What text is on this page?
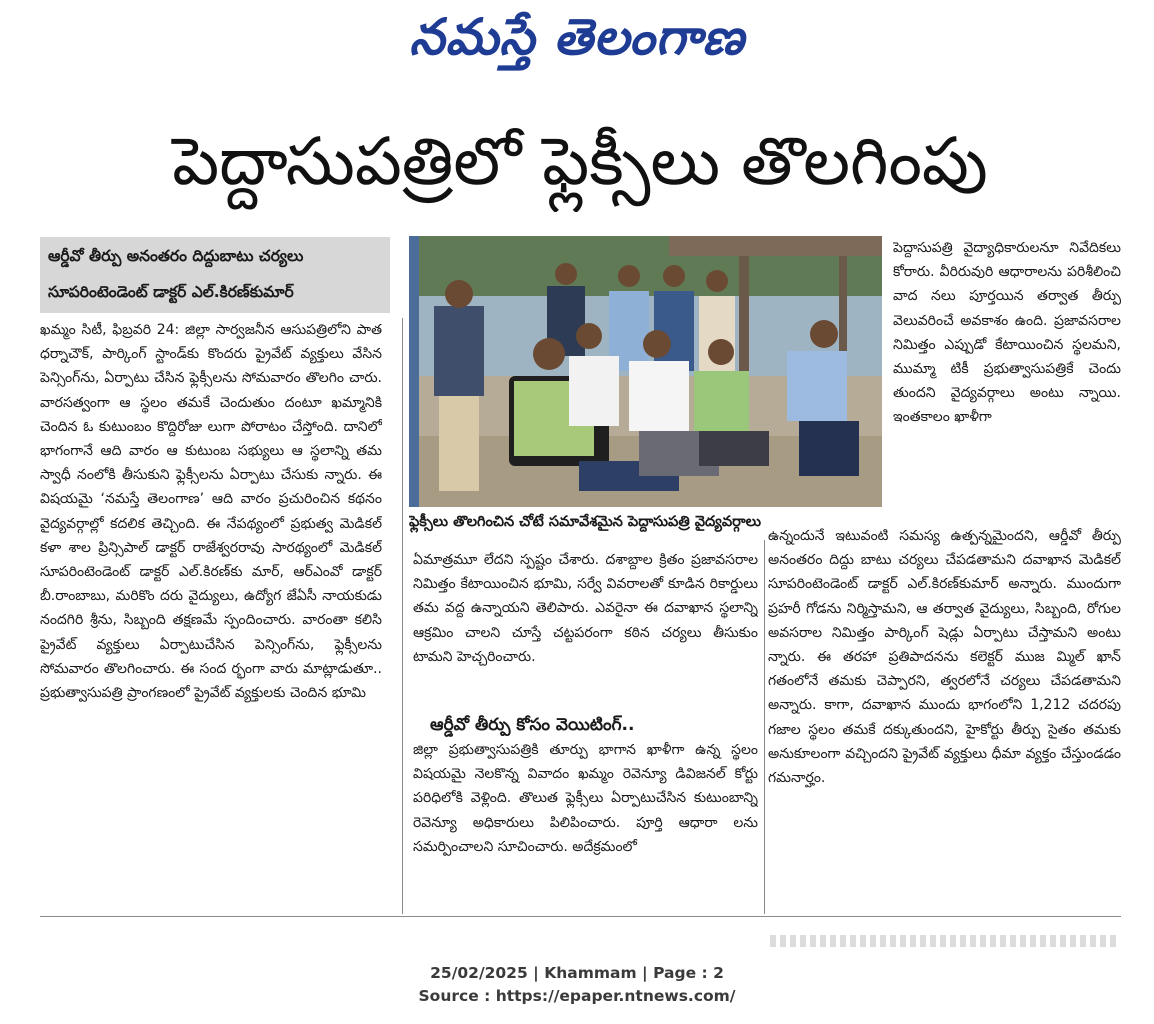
నమస్తే తెలంగాణ
పెద్దాసుపత్రిలో ఫ్లెక్సీలు తొలగింపు
ఆర్డీవో తీర్పు అనంతరం దిద్దుబాటు చర్యలు
సూపరింటెండెంట్ డాక్టర్ ఎల్.కిరణ్‌కుమార్
ఖమ్మం సిటీ, ఫిబ్రవరి 24: జిల్లా సార్వజనీన ఆసుపత్రిలోని పాత ధర్నాచౌక్, పార్కింగ్ స్టాండ్‌కు కొందరు ప్రైవేట్ వ్యక్తులు వేసిన పెన్సింగ్‌ను, ఏర్పాటు చేసిన ఫ్లెక్సీలను సోమవారం తొలగిం చారు. వారసత్వంగా ఆ స్థలం తమకే చెందుతుం దంటూ ఖమ్మానికి చెందిన ఓ కుటుంబం కొద్దిరోజు లుగా పోరాటం చేస్తోంది. దానిలో భాగంగానే ఆది వారం ఆ కుటుంబ సభ్యులు ఆ స్థలాన్ని తమ స్వాధీ నంలోకి తీసుకుని ఫ్లెక్సీలను ఏర్పాటు చేసుకు న్నారు. ఈ విషయమై ‘నమస్తే తెలంగాణ’ ఆది వారం ప్రచురించిన కథనం వైద్యవర్గాల్లో కదలిక తెచ్చింది. ఈ నేపథ్యంలో ప్రభుత్వ మెడికల్ కళా శాల ప్రిన్సిపాల్ డాక్టర్ రాజేశ్వరరావు సారథ్యంలో మెడికల్ సూపరింటెండెంట్ డాక్టర్ ఎల్.కిరణ్‌కు మార్, ఆర్‌ఎంవో డాక్టర్ బీ.రాంబాబు, మరికొం దరు వైద్యులు, ఉద్యోగ జేఏసీ నాయకుడు నందగిరి శ్రీను, సిబ్బంది తక్షణమే స్పందించారు. వారంతా కలిసి ప్రైవేట్ వ్యక్తులు ఏర్పాటుచేసిన పెన్సింగ్‌ను, ఫ్లెక్సీలను సోమవారం తొలగించారు. ఈ సంద ర్భంగా వారు మాట్లాడుతూ.. ప్రభుత్వాసుపత్రి ప్రాంగణంలో ప్రైవేట్ వ్యక్తులకు చెందిన భూమి
ఫ్లెక్సీలు తొలగించిన చోటే సమావేశమైన పెద్దాసుపత్రి వైద్యవర్గాలు
ఏమాత్రమూ లేదని స్పష్టం చేశారు. దశాబ్దాల క్రితం ప్రజావసరాల నిమిత్తం కేటాయించిన భూమి, సర్వే వివరాలతో కూడిన రికార్డులు తమ వద్ద ఉన్నాయని తెలిపారు. ఎవరైనా ఈ దవాఖాన స్థలాన్ని ఆక్రమిం చాలని చూస్తే చట్టపరంగా కఠిన చర్యలు తీసుకుం టామని హెచ్చరించారు.
ఆర్డీవో తీర్పు కోసం వెయిటింగ్..
జిల్లా ప్రభుత్వాసుపత్రికి తూర్పు భాగాన ఖాళీగా ఉన్న స్థలం విషయమై నెలకొన్న వివాదం ఖమ్మం రెవెన్యూ డివిజనల్ కోర్టు పరిధిలోకి వెళ్లింది. తొలుత ఫ్లెక్సీలు ఏర్పాటుచేసిన కుటుంబాన్ని రెవెన్యూ అధికారులు పిలిపించారు. పూర్తి ఆధారా లను సమర్పించాలని సూచించారు. అదేక్రమంలో
పెద్దాసుపత్రి వైద్యాధికారులనూ నివేదికలు కోరారు. వీరిరువురి ఆధారాలను పరిశీలించి వాద నలు పూర్తయిన తర్వాత తీర్పు వెలువరించే అవకాశం ఉంది. ప్రజావసరాల నిమిత్తం ఎప్పుడో కేటాయించిన స్థలమని, ముమ్మా టికీ ప్రభుత్వాసుపత్రికే చెందు తుందని వైద్యవర్గాలు అంటు న్నాయి. ఇంతకాలం ఖాళీగా
ఉన్నందునే ఇటువంటి సమస్య ఉత్పన్నమైందని, ఆర్డీవో తీర్పు అనంతరం దిద్దు బాటు చర్యలు చేపడతామని దవాఖాన మెడికల్ సూపరింటెండెంట్ డాక్టర్ ఎల్.కిరణ్‌కుమార్ అన్నారు. ముందుగా ప్రహరీ గోడను నిర్మిస్తామని, ఆ తర్వాత వైద్యులు, సిబ్బంది, రోగుల అవసరాల నిమిత్తం పార్కింగ్ షెడ్లు ఏర్పాటు చేస్తామని అంటు న్నారు. ఈ తరహా ప్రతిపాదనను కలెక్టర్ ముజ మ్మిల్ ఖాన్ గతంలోనే తమకు చెప్పారని, త్వరలోనే చర్యలు చేపడతామని అన్నారు. కాగా, దవాఖాన ముందు భాగంలోని 1,212 చదరపు గజాల స్థలం తమకే దక్కుతుందని, హైకోర్టు తీర్పు సైతం తమకు అనుకూలంగా వచ్చిందని ప్రైవేట్ వ్యక్తులు ధీమా వ్యక్తం చేస్తుండడం గమనార్హం.
25/02/2025 | Khammam | Page : 2
Source : https://epaper.ntnews.com/
